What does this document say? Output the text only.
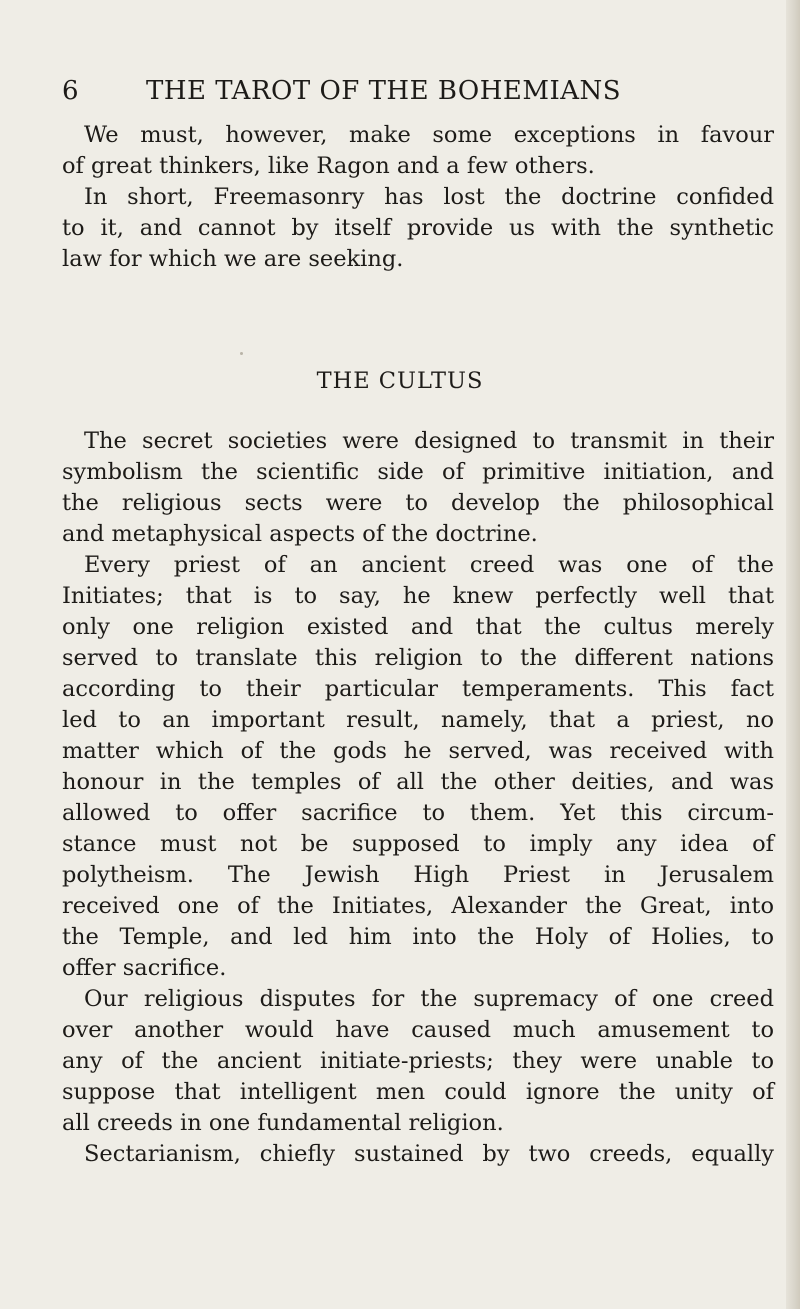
6	THE TAROT OF THE BOHEMIANS
We must, however, make some exceptions in favour
of great thinkers, like Ragon and a few others.
In short, Freemasonry has lost the doctrine confided
to it, and cannot by itself provide us with the synthetic
law for which we are seeking.
THE CULTUS
The secret societies were designed to transmit in their
symbolism the scientific side of primitive initiation, and
the religious sects were to develop the philosophical
and metaphysical aspects of the doctrine.
Every priest of an ancient creed was one of the
Initiates; that is to say, he knew perfectly well that
only one religion existed and that the cultus merely
served to translate this religion to the different nations
according to their particular temperaments. This fact
led to an important result, namely, that a priest, no
matter which of the gods he served, was received with
honour in the temples of all the other deities, and was
allowed to offer sacrifice to them. Yet this circum-
stance must not be supposed to imply any idea of
polytheism. The Jewish High Priest in Jerusalem
received one of the Initiates, Alexander the Great, into
the Temple, and led him into the Holy of Holies, to
offer sacrifice.
Our religious disputes for the supremacy of one creed
over another would have caused much amusement to
any of the ancient initiate-priests; they were unable to
suppose that intelligent men could ignore the unity of
all creeds in one fundamental religion.
Sectarianism, chiefly sustained by two creeds, equally
